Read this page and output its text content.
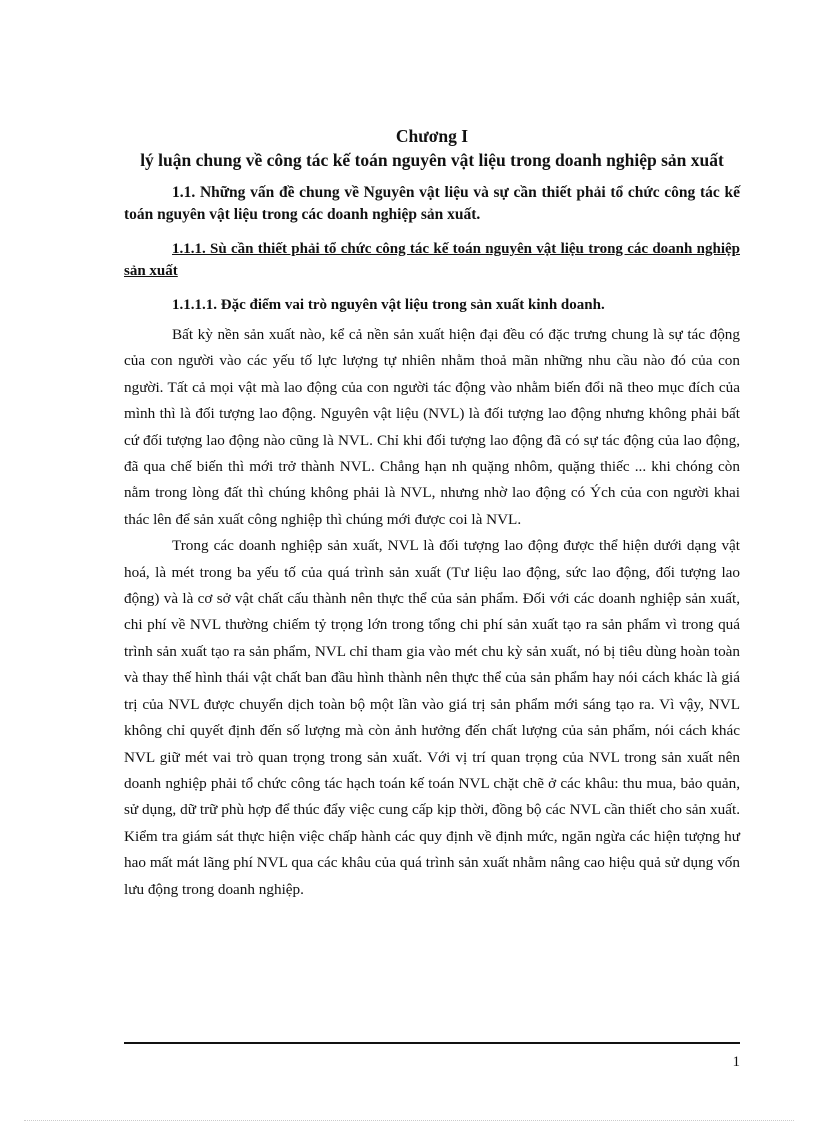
Chương I

lý luận chung về công tác kế toán nguyên vật liệu trong doanh nghiệp sản xuất

1.1. Những vấn đề chung về Nguyên vật liệu và sự cần thiết phải tổ chức công tác kế toán nguyên vật liệu trong các doanh nghiệp sản xuất.

1.1.1. Sù cần thiết phải tổ chức công tác kế toán nguyên vật liệu trong các doanh nghiệp sản xuất

1.1.1.1. Đặc điểm vai trò nguyên vật liệu trong sản xuất kinh doanh.

Bất kỳ nền sản xuất nào, kể cả nền sản xuất hiện đại đều có đặc trưng chung là sự tác động của con người vào các yếu tố lực lượng tự nhiên nhằm thoả mãn những nhu cầu nào đó của con người. Tất cả mọi vật mà lao động của con người tác động vào nhằm biến đổi nã theo mục đích của mình thì là đối tượng lao động. Nguyên vật liệu (NVL) là đối tượng lao động nhưng không phải bất cứ đối tượng lao động nào cũng là NVL. Chỉ khi đối tượng lao động đã có sự tác động của lao động, đã qua chế biến thì mới trở thành NVL. Chẳng hạn nh quặng nhôm, quặng thiếc ... khi chóng còn nằm trong lòng đất thì chúng không phải là NVL, nhưng nhờ lao động có Ých của con người khai thác lên để sản xuất công nghiệp thì chúng mới được coi là NVL.

Trong các doanh nghiệp sản xuất, NVL là đối tượng lao động được thể hiện dưới dạng vật hoá, là mét trong ba yếu tố của quá trình sản xuất (Tư liệu lao động, sức lao động, đối tượng lao động) và là cơ sở vật chất cấu thành nên thực thể của sản phẩm. Đối với các doanh nghiệp sản xuất, chi phí về NVL thường chiếm tỷ trọng lớn trong tổng chi phí sản xuất tạo ra sản phẩm vì trong quá trình sản xuất tạo ra sản phẩm, NVL chỉ tham gia vào mét chu kỳ sản xuất, nó bị tiêu dùng hoàn toàn và thay thế hình thái vật chất ban đầu hình thành nên thực thể của sản phẩm hay nói cách khác là giá trị của NVL được chuyển dịch toàn bộ một lần vào giá trị sản phẩm mới sáng tạo ra. Vì vậy, NVL không chỉ quyết định đến số lượng mà còn ảnh hưởng đến chất lượng của sản phẩm, nói cách khác NVL giữ mét vai trò quan trọng trong sản xuất. Với vị trí quan trọng của NVL trong sản xuất nên doanh nghiệp phải tổ chức công tác hạch toán kế toán NVL chặt chẽ ở các khâu: thu mua, bảo quản, sử dụng, dữ trữ phù hợp để thúc đẩy việc cung cấp kịp thời, đồng bộ các NVL cần thiết cho sản xuất. Kiểm tra giám sát thực hiện việc chấp hành các quy định về định mức, ngăn ngừa các hiện tượng hư hao mất mát lãng phí NVL qua các khâu của quá trình sản xuất nhằm nâng cao hiệu quả sử dụng vốn lưu động trong doanh nghiệp.

1
